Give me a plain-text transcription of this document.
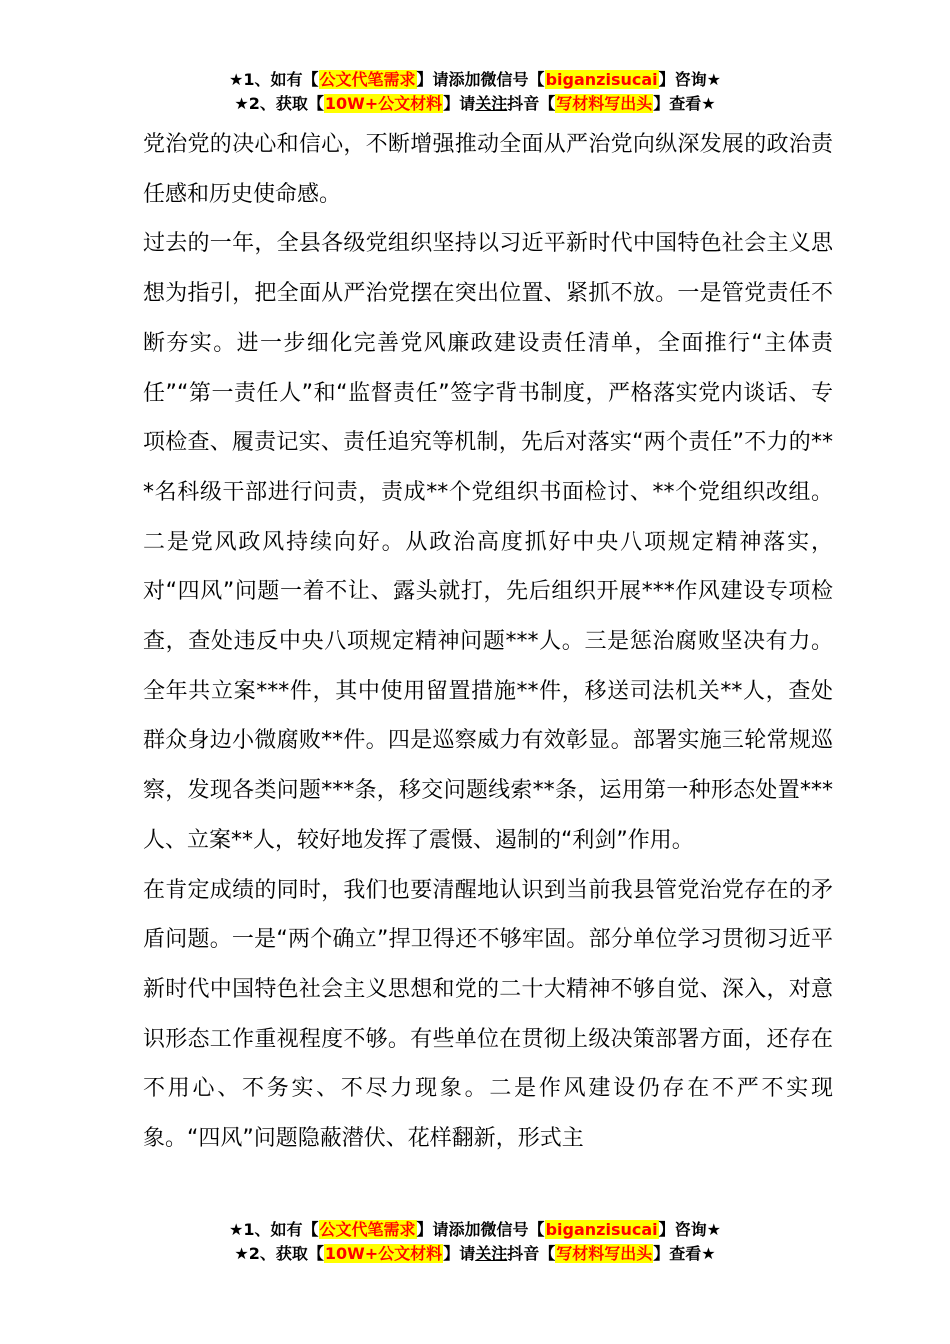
★1、如有【公文代笔需求】请添加微信号【biganzisucai】咨询★
★2、获取【10W+公文材料】请关注抖音【写材料写出头】查看★

党治党的决心和信心，不断增强推动全面从严治党向纵深发展的政治责任感和历史使命感。

过去的一年，全县各级党组织坚持以习近平新时代中国特色社会主义思想为指引，把全面从严治党摆在突出位置、紧抓不放。一是管党责任不断夯实。进一步细化完善党风廉政建设责任清单，全面推行“主体责任”“第一责任人”和“监督责任”签字背书制度，严格落实党内谈话、专项检查、履责记实、责任追究等机制，先后对落实“两个责任”不力的***名科级干部进行问责，责成**个党组织书面检讨、**个党组织改组。二是党风政风持续向好。从政治高度抓好中央八项规定精神落实，对“四风”问题一着不让、露头就打，先后组织开展***作风建设专项检查，查处违反中央八项规定精神问题***人。三是惩治腐败坚决有力。全年共立案***件，其中使用留置措施**件，移送司法机关**人，查处群众身边小微腐败**件。四是巡察威力有效彰显。部署实施三轮常规巡察，发现各类问题***条，移交问题线索**条，运用第一种形态处置***人、立案**人，较好地发挥了震慑、遏制的“利剑”作用。

在肯定成绩的同时，我们也要清醒地认识到当前我县管党治党存在的矛盾问题。一是“两个确立”捍卫得还不够牢固。部分单位学习贯彻习近平新时代中国特色社会主义思想和党的二十大精神不够自觉、深入，对意识形态工作重视程度不够。有些单位在贯彻上级决策部署方面，还存在不用心、不务实、不尽力现象。二是作风建设仍存在不严不实现象。“四风”问题隐蔽潜伏、花样翻新，形式主

★1、如有【公文代笔需求】请添加微信号【biganzisucai】咨询★
★2、获取【10W+公文材料】请关注抖音【写材料写出头】查看★
